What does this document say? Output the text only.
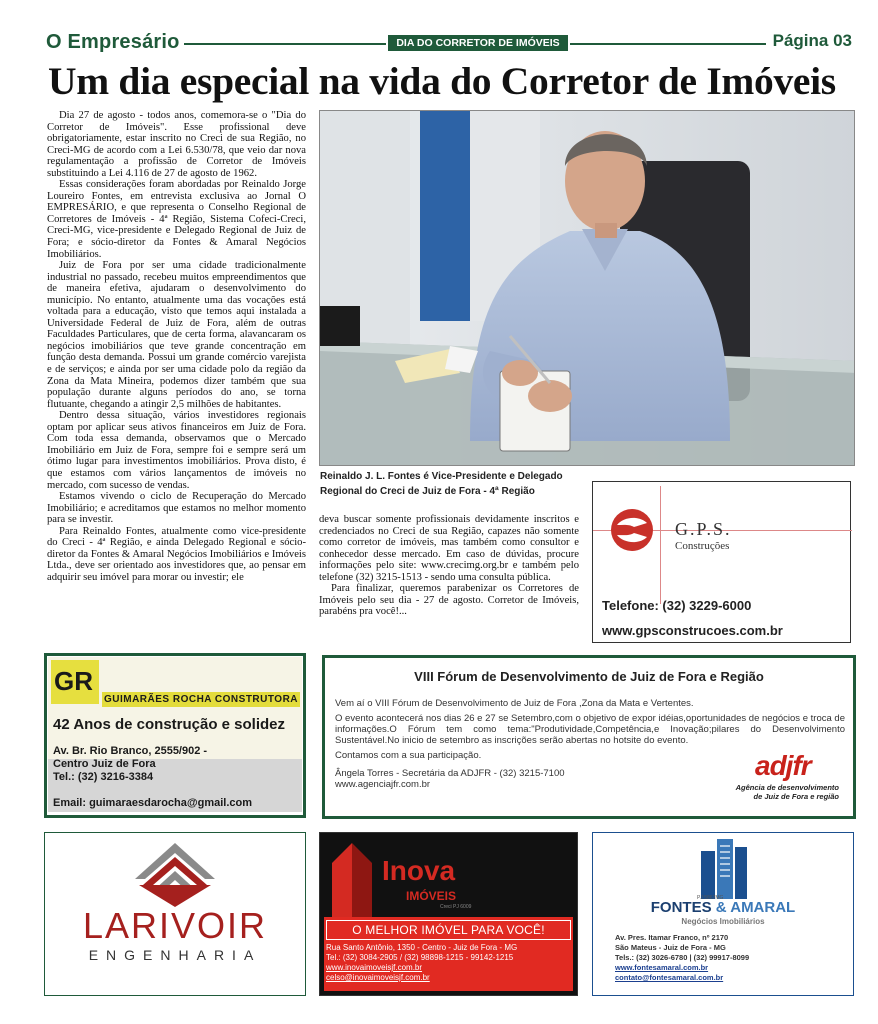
O Empresário	DIA DO CORRETOR DE IMÓVEIS	Página 03
Um dia especial na vida do Corretor de Imóveis

Dia 27 de agosto - todos anos, comemora-se o "Dia do Corretor de Imóveis". Esse profissional deve obrigatoriamente, estar inscrito no Creci de sua Região, no Creci-MG de acordo com a Lei 6.530/78, que veio dar nova regulamentação a profissão de Corretor de Imóveis substituindo a Lei 4.116 de 27 de agosto de 1962.

Essas considerações foram abordadas por Reinaldo Jorge Loureiro Fontes, em entrevista exclusiva ao Jornal O EMPRESÁRIO, e que representa o Conselho Regional de Corretores de Imóveis - 4ª Região, Sistema Cofeci-Creci, Creci-MG, vice-presidente e Delegado Regional de Juiz de Fora; e sócio-diretor da Fontes & Amaral Negócios Imobiliários.

Juiz de Fora por ser uma cidade tradicionalmente industrial no passado, recebeu muitos empreendimentos que de maneira efetiva, ajudaram o desenvolvimento do município. No entanto, atualmente uma das vocações está voltada para a educação, visto que temos aqui instalada a Universidade Federal de Juiz de Fora, além de outras Faculdades Particulares, que de certa forma, alavancaram os negócios imobiliários que teve grande concentração em função desta demanda. Possui um grande comércio varejista e de serviços; e ainda por ser uma cidade polo da região da Zona da Mata Mineira, podemos dizer também que sua população durante alguns períodos do ano, se torna flutuante, chegando a atingir 2,5 milhões de habitantes.

Dentro dessa situação, vários investidores regionais optam por aplicar seus ativos financeiros em Juiz de Fora. Com toda essa demanda, observamos que o Mercado Imobiliário em Juiz de Fora, sempre foi e sempre será um ótimo lugar para investimentos imobiliários. Prova disto, é que estamos com vários lançamentos de imóveis no mercado, com sucesso de vendas.

Estamos vivendo o ciclo de Recuperação do Mercado Imobiliário; e acreditamos que estamos no melhor momento para se investir.

Para Reinaldo Fontes, atualmente como vice-presidente do Creci - 4ª Região, e ainda Delegado Regional e sócio-diretor da Fontes & Amaral Negócios Imobiliários e Imóveis Ltda., deve ser orientado aos investidores que, ao pensar em adquirir seu imóvel para morar ou investir; ele

Reinaldo J. L. Fontes é Vice-Presidente e Delegado
Regional do Creci de Juiz de Fora - 4ª Região

deva buscar somente profissionais devidamente inscritos e credenciados no Creci de sua Região, capazes não somente como corretor de imóveis, mas também como consultor e conhecedor desse mercado. Em caso de dúvidas, procure informações pelo site: www.crecimg.org.br e também pelo telefone (32) 3215-1513 - sendo uma consulta pública.

Para finalizar, queremos parabenizar os Corretores de Imóveis pelo seu dia - 27 de agosto. Corretor de Imóveis, parabéns pra você!...

G.P.S.
Construções
Telefone: (32) 3229-6000
www.gpsconstrucoes.com.br
GR
GUIMARÃES ROCHA CONSTRUTORA
42 Anos de construção e solidez
Av. Br. Rio Branco, 2555/902 -
Centro Juiz de Fora
Tel.: (32) 3216-3384
Email: guimaraesdarocha@gmail.com
VIII Fórum de Desenvolvimento de Juiz de Fora e Região
Vem aí o VIII Fórum de Desenvolvimento de Juiz de Fora ,Zona da Mata e Vertentes.
O evento acontecerá nos dias 26 e 27 se Setembro,com o objetivo de expor idéias,oportunidades de negócios e troca de informações.O Fórum tem como tema:"Produtividade,Competência,e Inovação;pilares do Desenvolvimento Sustentável.No inicio de setembro as inscrições serão abertas no hotsite do evento.
Contamos com a sua participação.
Ângela Torres - Secretária da ADJFR - (32) 3215-7100
www.agenciajfr.com.br
adjfr
Agência de desenvolvimento
de Juiz de Fora e região
LARIVOIR
ENGENHARIA
Inova
IMÓVEIS
Creci PJ 6009
O MELHOR IMÓVEL PARA VOCÊ!
Rua Santo Antônio, 1350 - Centro - Juiz de Fora - MG
Tel.: (32) 3084-2905 / (32) 98898-1215 - 99142-1215
www.inovaimoveisjf.com.br
celso@inovaimoveisjf.com.br
PJ 5867MG
FONTES & AMARAL
Negócios Imobiliários
Av. Pres. Itamar Franco, nº 2170
São Mateus - Juiz de Fora - MG
Tels.: (32) 3026-6780 | (32) 99917-8099
www.fontesamaral.com.br
contato@fontesamaral.com.br
